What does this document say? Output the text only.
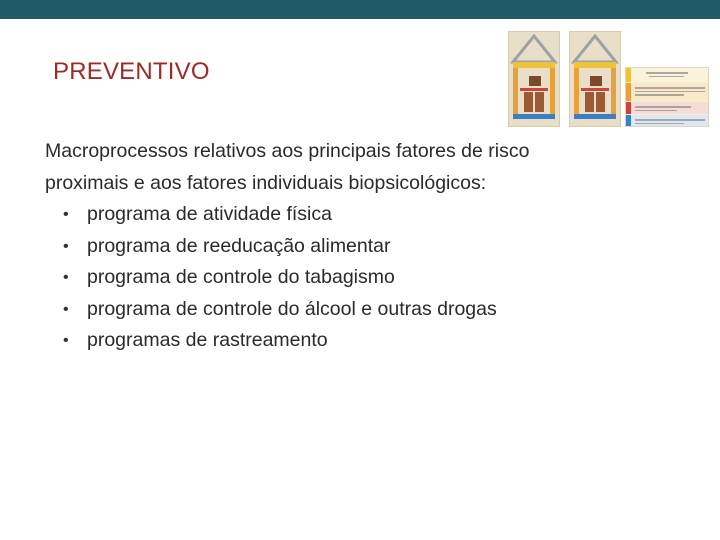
PREVENTIVO

Macroprocessos relativos aos principais fatores de risco

proximais e aos fatores individuais biopsicológicos:

• programa de atividade física
• programa de reeducação alimentar
• programa de controle do tabagismo
• programa de controle do álcool e outras drogas
• programas de rastreamento
